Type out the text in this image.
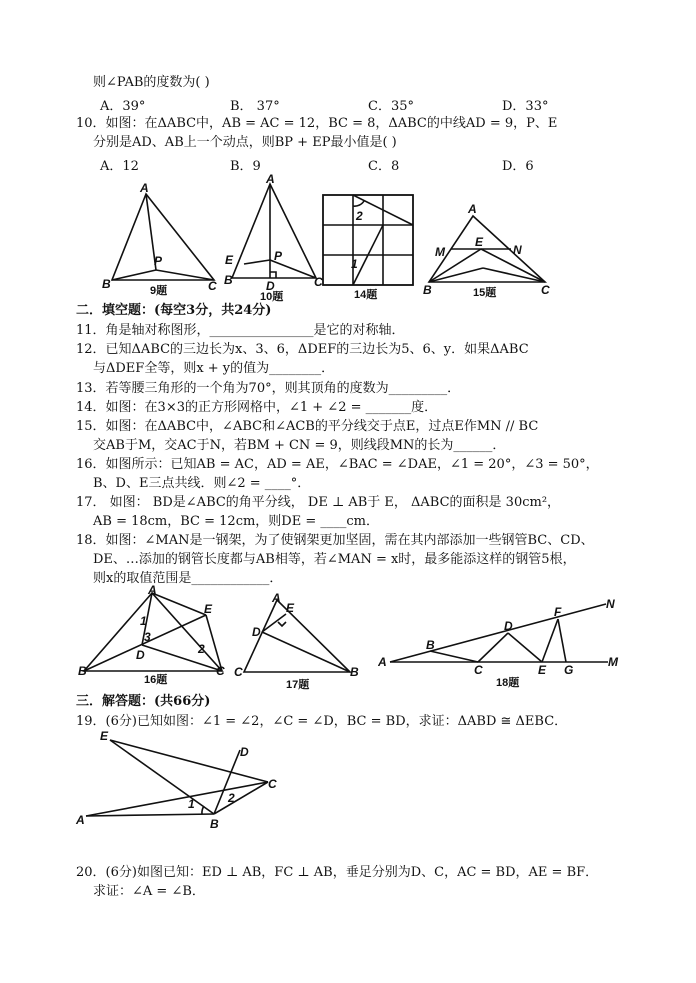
则∠PAB的度数为( )
A．39°	B． 37°	C．35°	D．33°
10．如图：在ΔABC中，AB = AC = 12，BC = 8，ΔABC的中线AD = 9，P、E
分别是AD、AB上一个动点，则BP + EP最小值是( )
A．12	B．9	C．8	D．6
A
P
B	C
9题
A
E	P
B	D	C
10题
2
1
14题
A
M
E
N
B	C
15题
二．填空题：(每空3分，共24分)
11．角是轴对称图形，________________是它的对称轴．
12．已知ΔABC的三边长为x、3、6，ΔDEF的三边长为5、6、y．如果ΔABC
与ΔDEF全等，则x + y的值为________．
13．若等腰三角形的一个角为70°，则其顶角的度数为_________．
14．如图：在3×3的正方形网格中，∠1 + ∠2 = _______度．
15．如图：在ΔABC中，∠ABC和∠ACB的平分线交于点E，过点E作MN // BC
交AB于M，交AC于N，若BM + CN = 9，则线段MN的长为______．
16．如图所示：已知AB = AC，AD = AE，∠BAC = ∠DAE，∠1 = 20°，∠3 = 50°，
B、D、E三点共线．则∠2 = ____°．
17． 如图： BD是∠ABC的角平分线， DE ⊥ AB于 E， ΔABC的面积是 30cm²，
AB = 18cm，BC = 12cm，则DE = ____cm．
18．如图：∠MAN是一钢架，为了使钢架更加坚固，需在其内部添加一些钢管BC、CD、
DE、…添加的钢管长度都与AB相等，若∠MAN = x时，最多能添这样的钢管5根，
则x的取值范围是____________．
A
E
1
3
D	2
B	C
16题
A
E
D
C	B
17题
F
N
D
B
A
C	E G
M
18题
三．解答题：(共66分)
19．(6分)已知如图：∠1 = ∠2，∠C = ∠D，BC = BD，求证：ΔABD ≅ ΔEBC．
E
D
C
1	2
A	B
20．(6分)如图已知：ED ⊥ AB，FC ⊥ AB，垂足分别为D、C，AC = BD，AE = BF．
求证：∠A = ∠B．
